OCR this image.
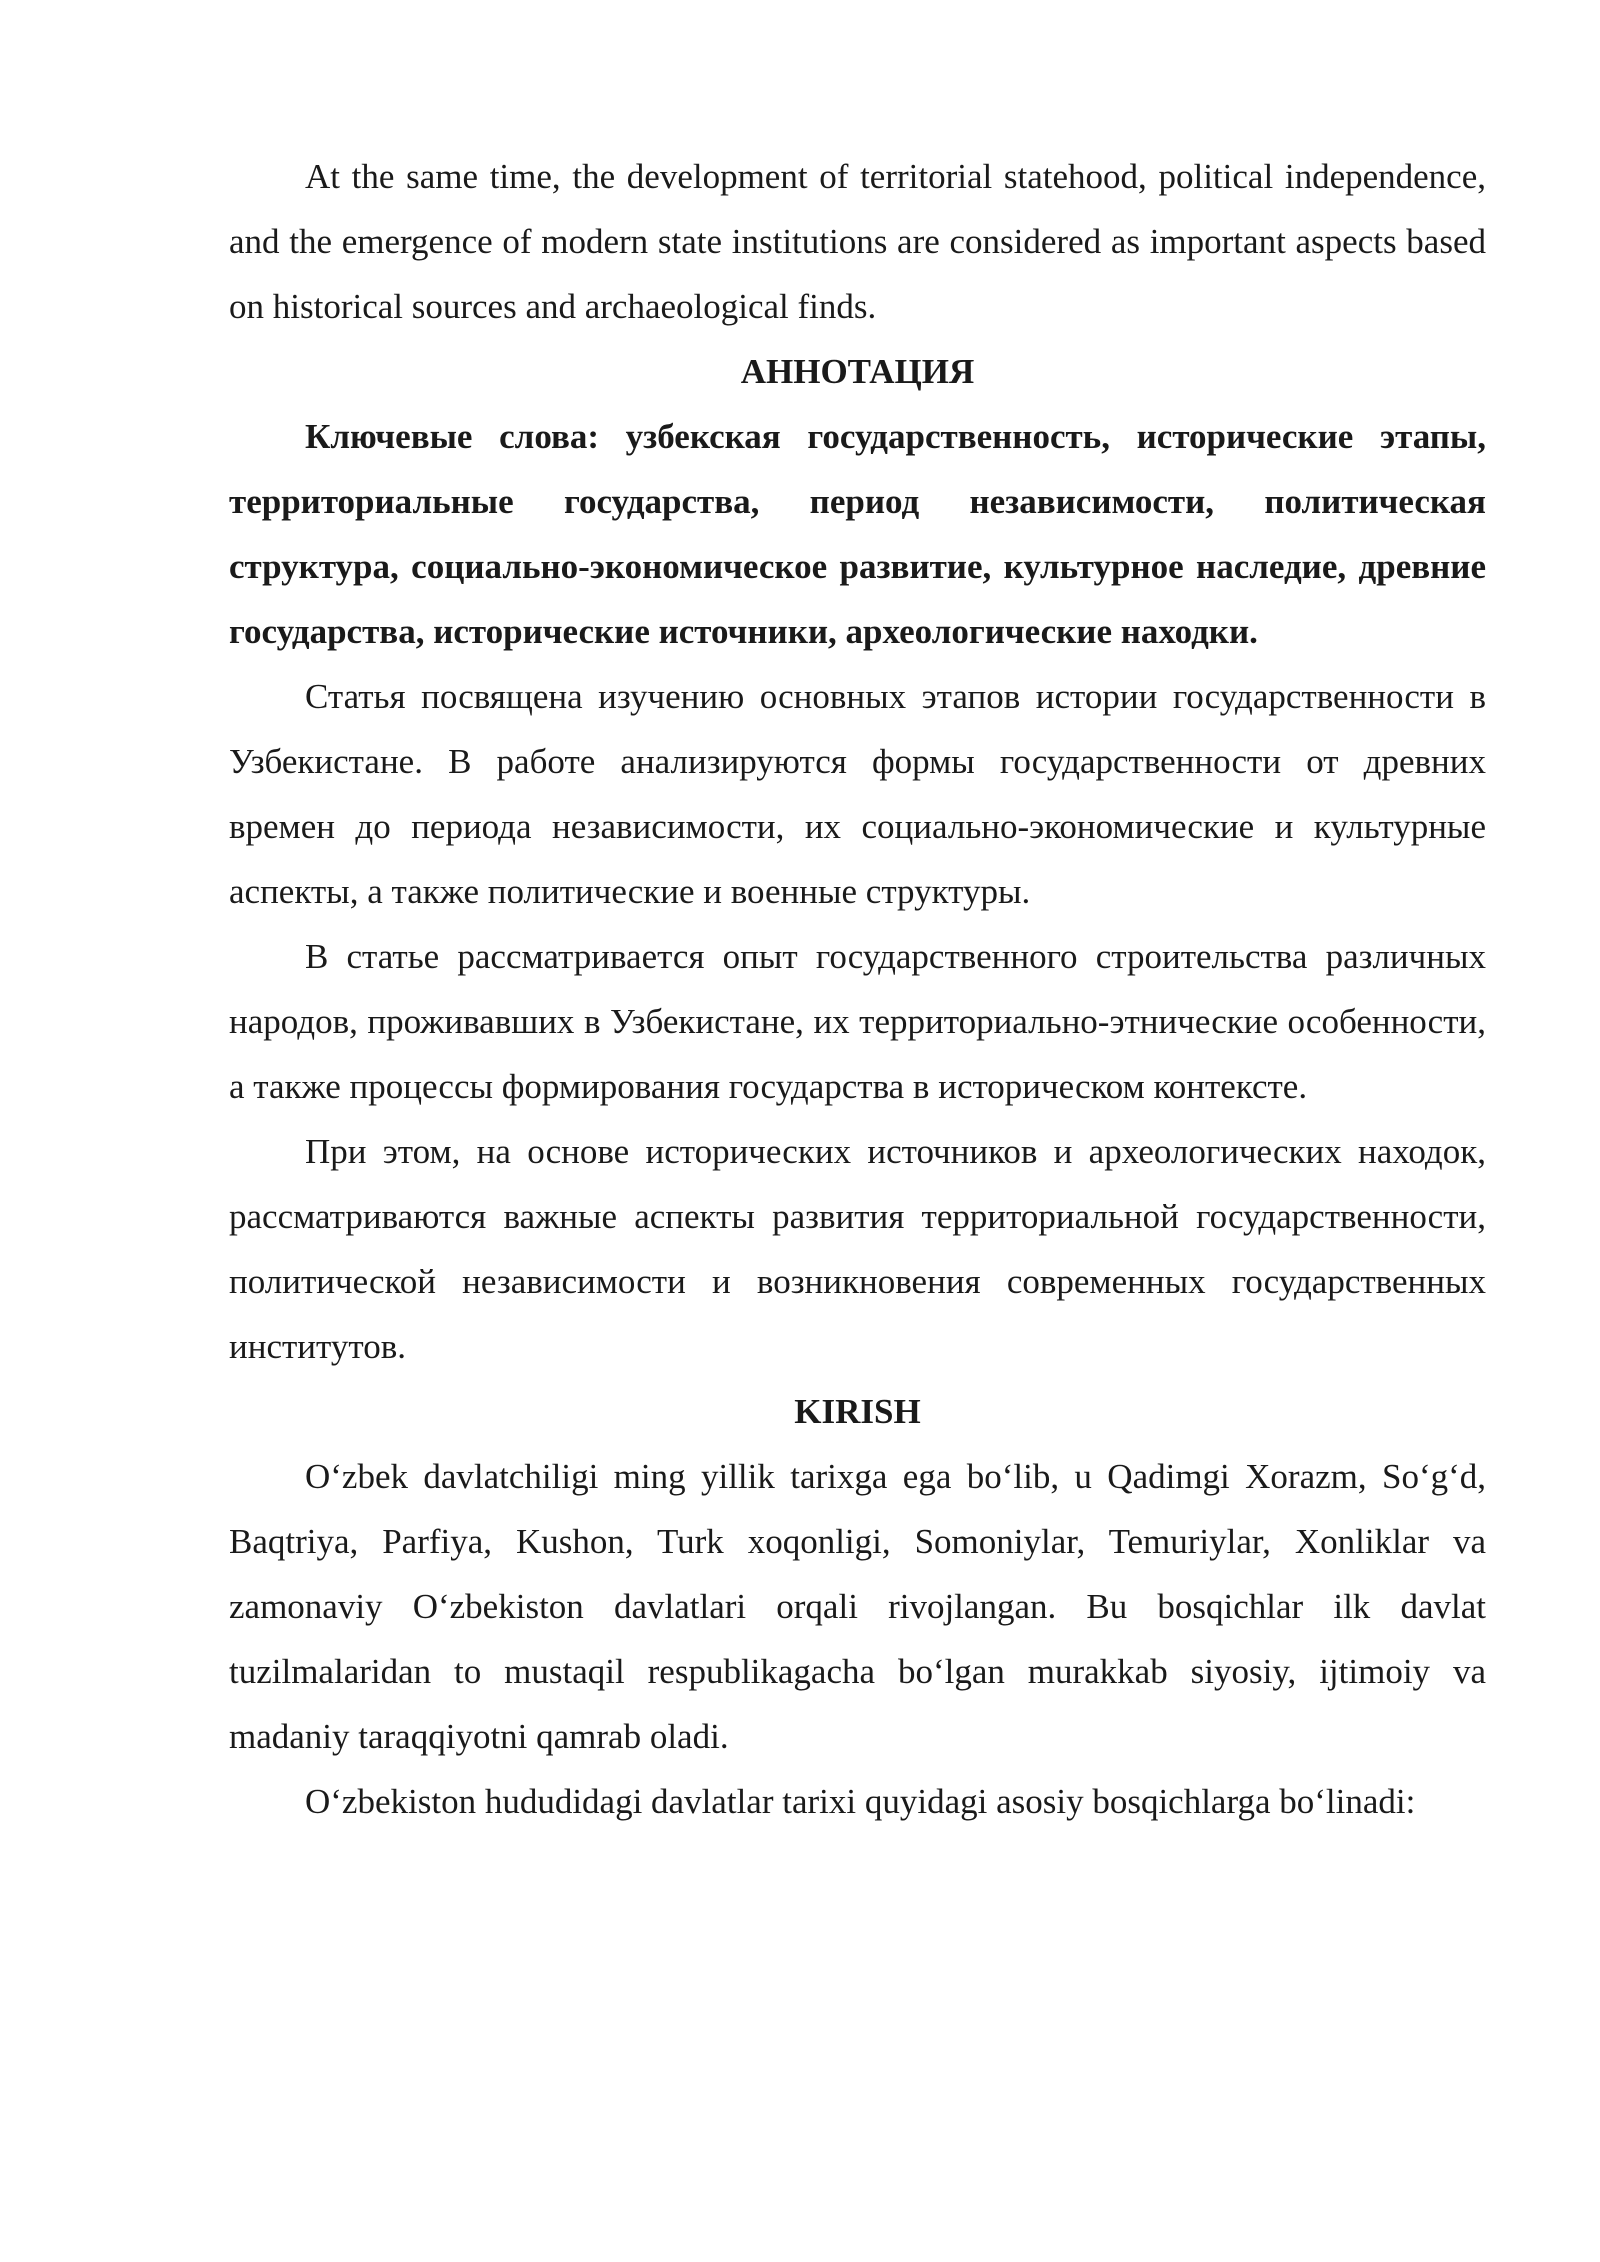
At the same time, the development of territorial statehood, political independence, and the emergence of modern state institutions are considered as important aspects based on historical sources and archaeological finds.

АННОТАЦИЯ

Ключевые слова: узбекская государственность, исторические этапы, территориальные государства, период независимости, политическая структура, социально-экономическое развитие, культурное наследие, древние государства, исторические источники, археологические находки.

Статья посвящена изучению основных этапов истории государственности в Узбекистане. В работе анализируются формы государственности от древних времен до периода независимости, их социально-экономические и культурные аспекты, а также политические и военные структуры.

В статье рассматривается опыт государственного строительства различных народов, проживавших в Узбекистане, их территориально-этнические особенности, а также процессы формирования государства в историческом контексте.

При этом, на основе исторических источников и археологических находок, рассматриваются важные аспекты развития территориальной государственности, политической независимости и возникновения современных государственных институтов.

KIRISH

O‘zbek davlatchiligi ming yillik tarixga ega bo‘lib, u Qadimgi Xorazm, So‘g‘d, Baqtriya, Parfiya, Kushon, Turk xoqonligi, Somoniylar, Temuriylar, Xonliklar va zamonaviy O‘zbekiston davlatlari orqali rivojlangan. Bu bosqichlar ilk davlat tuzilmalaridan to mustaqil respublikagacha bo‘lgan murakkab siyosiy, ijtimoiy va madaniy taraqqiyotni qamrab oladi.

O‘zbekiston hududidagi davlatlar tarixi quyidagi asosiy bosqichlarga bo‘linadi:
